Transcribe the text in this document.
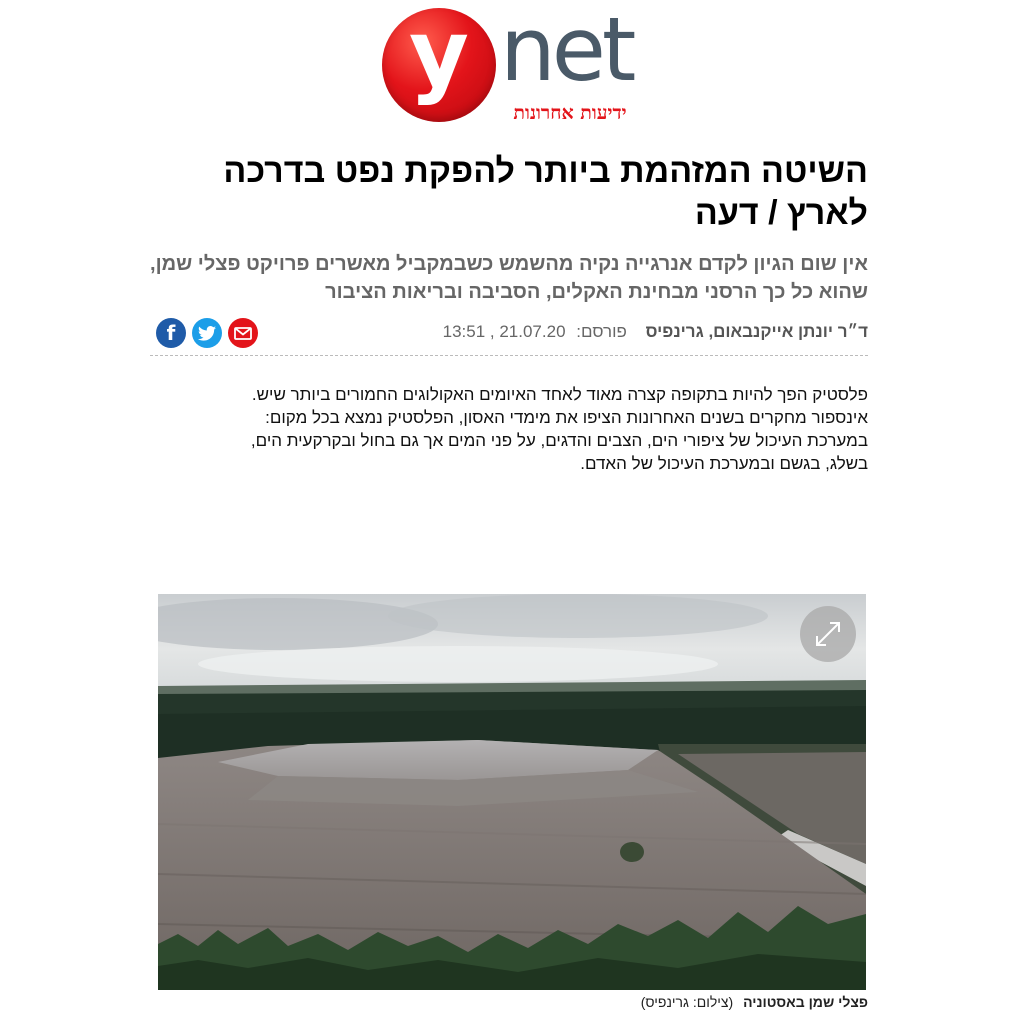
y net
ידיעות אחרונות
השיטה המזהמת ביותר להפקת נפט בדרכה לארץ / דעה
אין שום הגיון לקדם אנרגייה נקיה מהשמש כשבמקביל מאשרים פרויקט פצלי שמן, שהוא כל כך הרסני מבחינת האקלים, הסביבה ובריאות הציבור
ד״ר יונתן אייקנבאום, גרינפיס פורסם: 21.07.20 , 13:51
f

פלסטיק הפך להיות בתקופה קצרה מאוד לאחד האיומים האקולוגים החמורים ביותר שיש.

אינספור מחקרים בשנים האחרונות הציפו את מימדי האסון, הפלסטיק נמצא בכל מקום:

במערכת העיכול של ציפורי הים, הצבים והדגים, על פני המים אך גם בחול ובקרקעית הים,

בשלג, בגשם ובמערכת העיכול של האדם.

פצלי שמן באסטוניה (צילום: גרינפיס)
